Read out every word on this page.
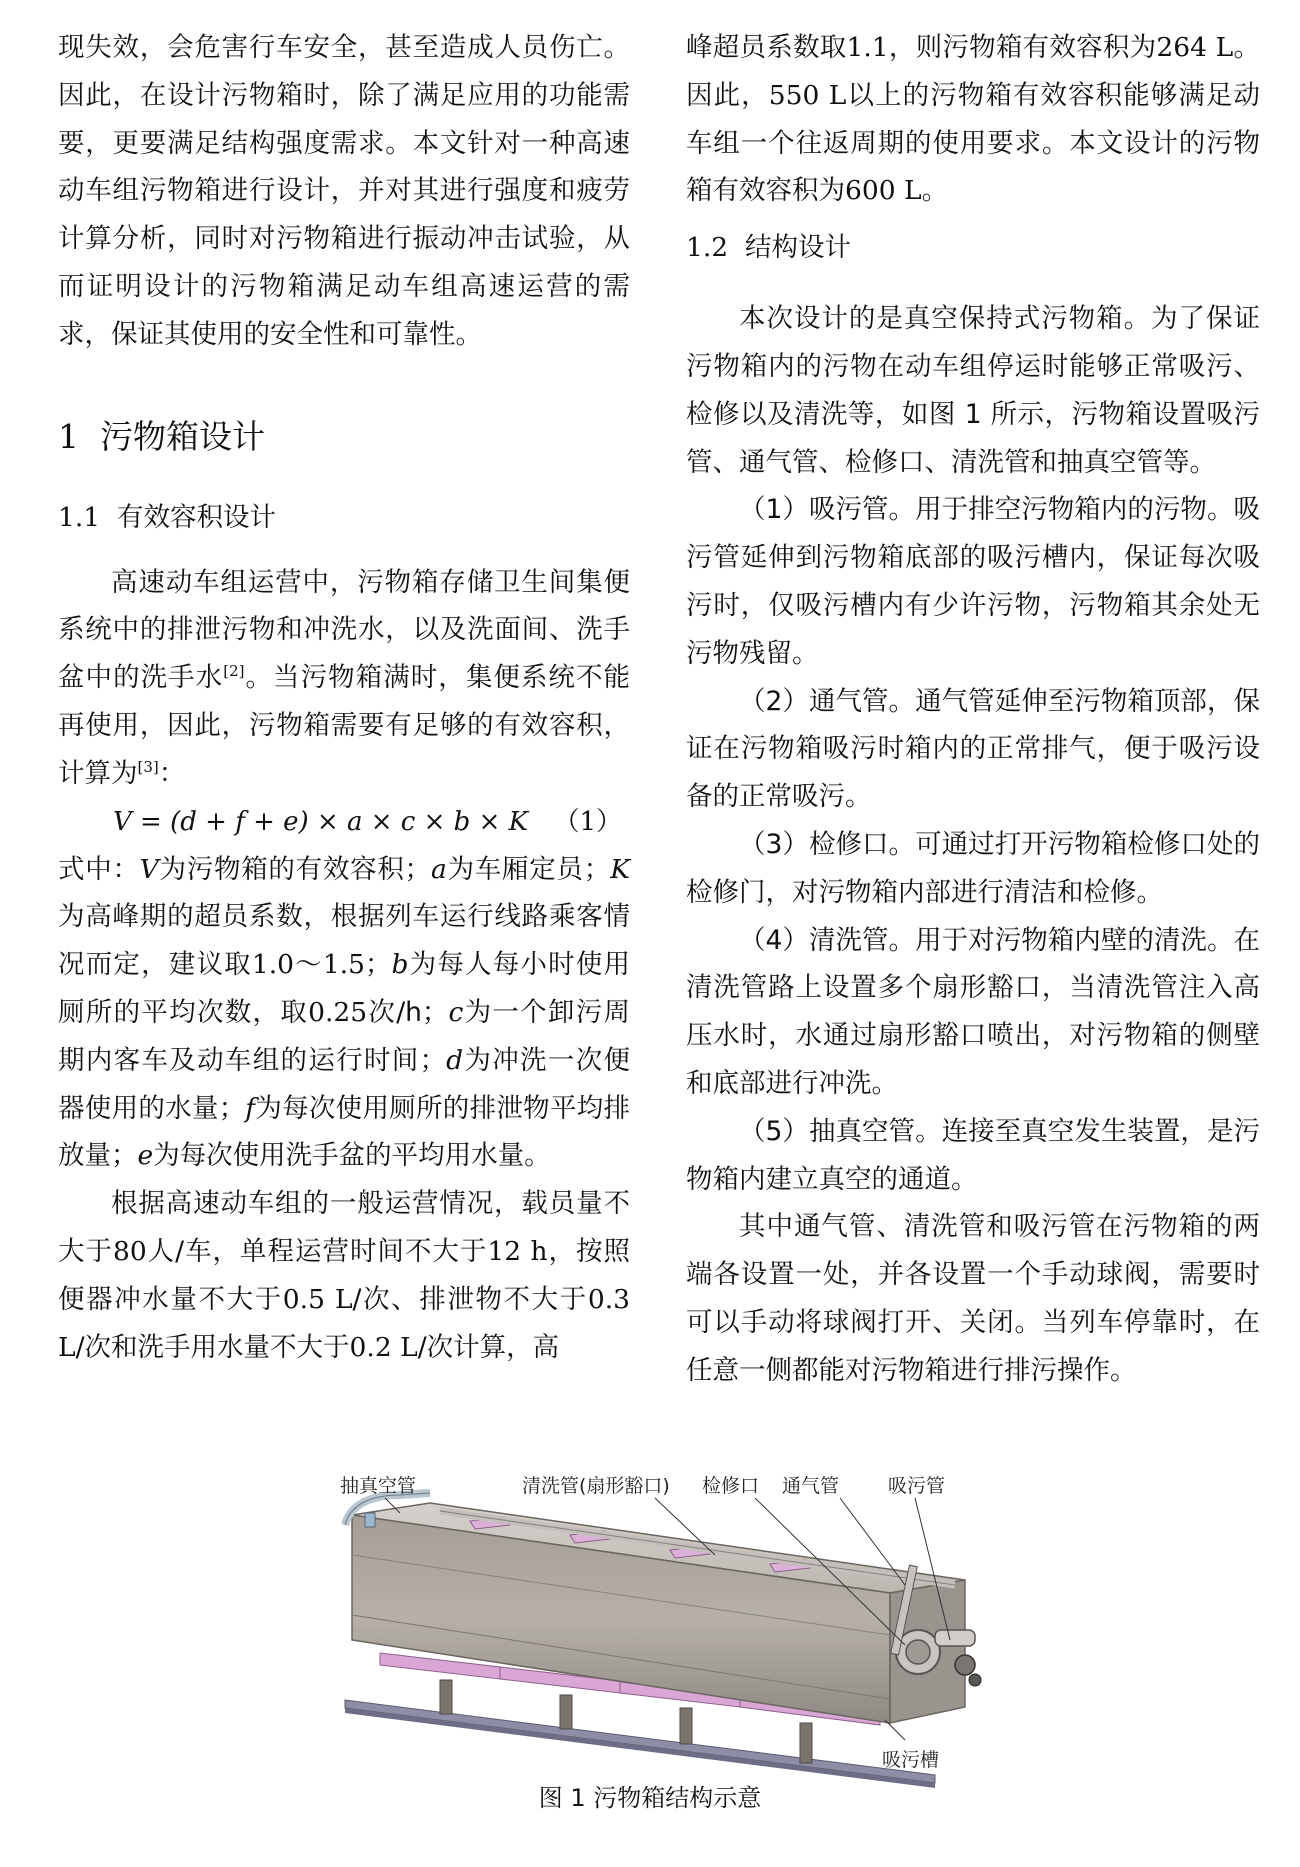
现失效，会危害行车安全，甚至造成人员伤亡。因此，在设计污物箱时，除了满足应用的功能需要，更要满足结构强度需求。本文针对一种高速动车组污物箱进行设计，并对其进行强度和疲劳计算分析，同时对污物箱进行振动冲击试验，从而证明设计的污物箱满足动车组高速运营的需求，保证其使用的安全性和可靠性。

1 污物箱设计
1.1 有效容积设计

高速动车组运营中，污物箱存储卫生间集便系统中的排泄污物和冲洗水，以及洗面间、洗手盆中的洗手水[2]。当污物箱满时，集便系统不能再使用，因此，污物箱需要有足够的有效容积，计算为[3]：

V = (d + f + e) × a × c × b × K （1）

式中：V为污物箱的有效容积；a为车厢定员；K为高峰期的超员系数，根据列车运行线路乘客情况而定，建议取1.0～1.5；b为每人每小时使用厕所的平均次数，取0.25次/h；c为一个卸污周期内客车及动车组的运行时间；d为冲洗一次便器使用的水量；f为每次使用厕所的排泄物平均排放量；e为每次使用洗手盆的平均用水量。

根据高速动车组的一般运营情况，载员量不大于80人/车，单程运营时间不大于12 h，按照便器冲水量不大于0.5 L/次、排泄物不大于0.3 L/次和洗手用水量不大于0.2 L/次计算，高

峰超员系数取1.1，则污物箱有效容积为264 L。因此，550 L以上的污物箱有效容积能够满足动车组一个往返周期的使用要求。本文设计的污物箱有效容积为600 L。

1.2 结构设计

本次设计的是真空保持式污物箱。为了保证污物箱内的污物在动车组停运时能够正常吸污、检修以及清洗等，如图 1 所示，污物箱设置吸污管、通气管、检修口、清洗管和抽真空管等。

（1）吸污管。用于排空污物箱内的污物。吸污管延伸到污物箱底部的吸污槽内，保证每次吸污时，仅吸污槽内有少许污物，污物箱其余处无污物残留。

（2）通气管。通气管延伸至污物箱顶部，保证在污物箱吸污时箱内的正常排气，便于吸污设备的正常吸污。

（3）检修口。可通过打开污物箱检修口处的检修门，对污物箱内部进行清洁和检修。

（4）清洗管。用于对污物箱内壁的清洗。在清洗管路上设置多个扇形豁口，当清洗管注入高压水时，水通过扇形豁口喷出，对污物箱的侧壁和底部进行冲洗。

（5）抽真空管。连接至真空发生装置，是污物箱内建立真空的通道。

其中通气管、清洗管和吸污管在污物箱的两端各设置一处，并各设置一个手动球阀，需要时可以手动将球阀打开、关闭。当列车停靠时，在任意一侧都能对污物箱进行排污操作。

抽真空管	清洗管(扇形豁口) 检修口 通气管	吸污管
吸污槽
图 1 污物箱结构示意
